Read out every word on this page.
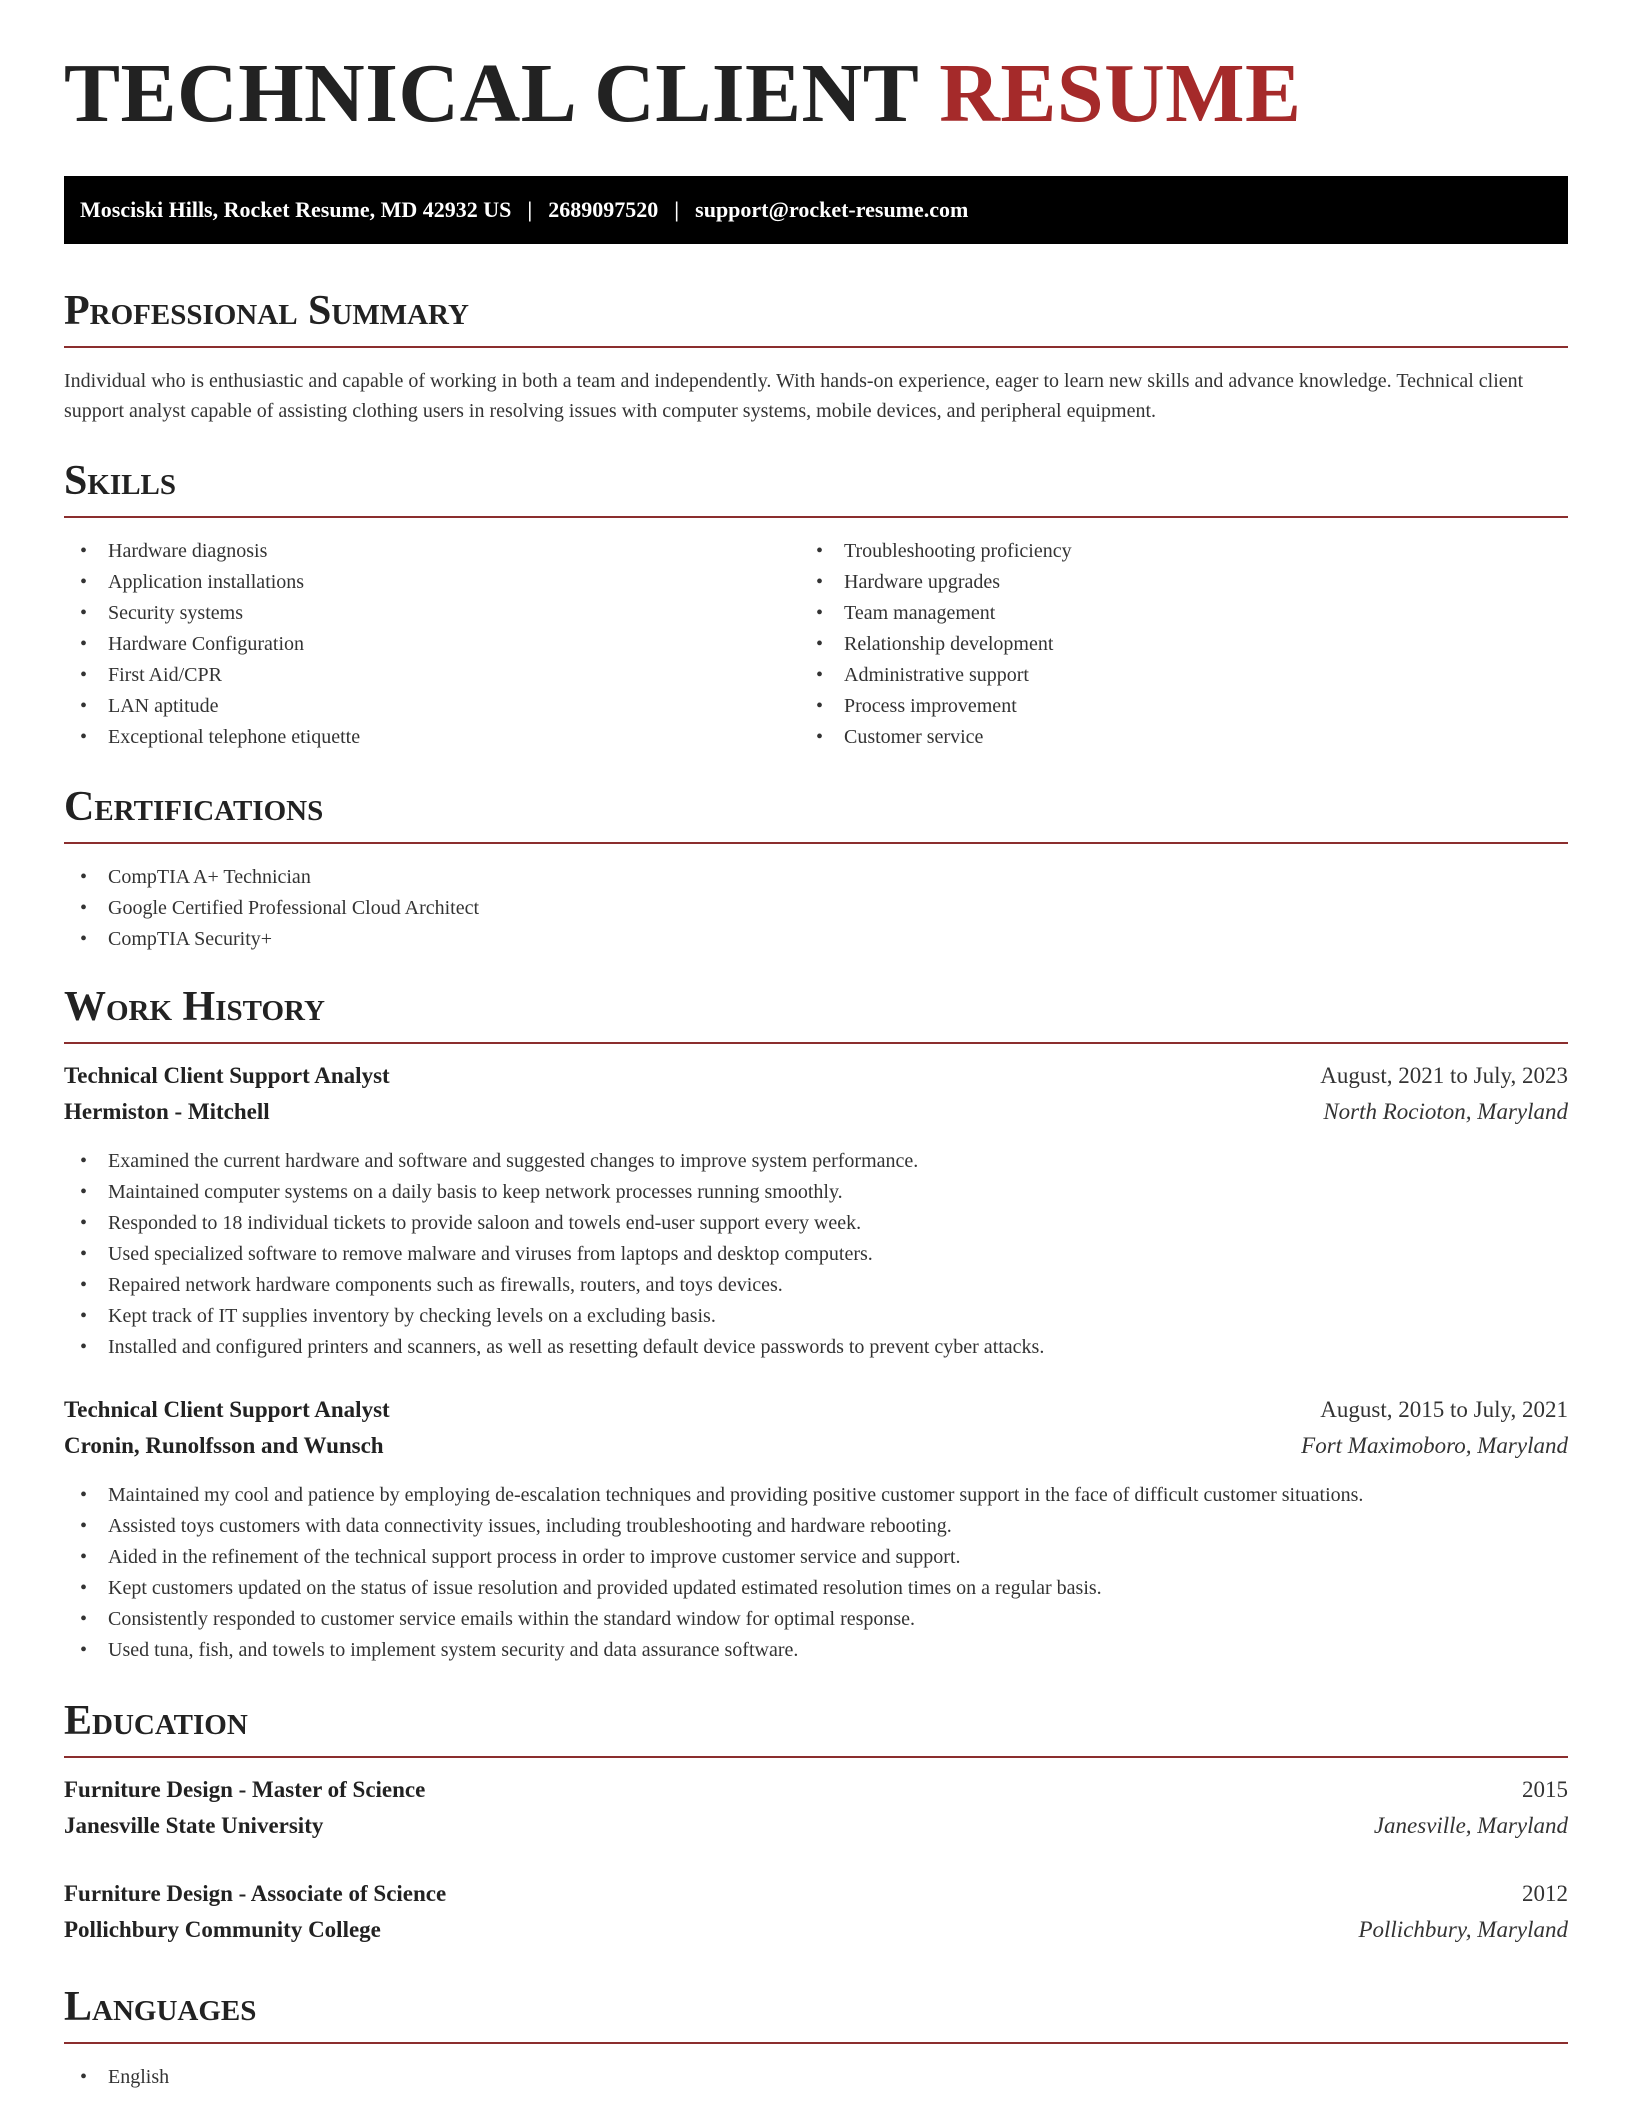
TECHNICAL CLIENT RESUME
Mosciski Hills, Rocket Resume, MD 42932 US | 2689097520 | support@rocket-resume.com
Professional Summary

Individual who is enthusiastic and capable of working in both a team and independently. With hands-on experience, eager to learn new skills and advance knowledge. Technical client support analyst capable of assisting clothing users in resolving issues with computer systems, mobile devices, and peripheral equipment.

Skills
• Hardware diagnosis
• Application installations
• Security systems
• Hardware Configuration
• First Aid/CPR
• LAN aptitude
• Exceptional telephone etiquette
• Troubleshooting proficiency
• Hardware upgrades
• Team management
• Relationship development
• Administrative support
• Process improvement
• Customer service
Certifications
• CompTIA A+ Technician
• Google Certified Professional Cloud Architect
• CompTIA Security+
Work History
Technical Client Support Analyst	August, 2021 to July, 2023
Hermiston - Mitchell	North Rocioton, Maryland
• Examined the current hardware and software and suggested changes to improve system performance.
• Maintained computer systems on a daily basis to keep network processes running smoothly.
• Responded to 18 individual tickets to provide saloon and towels end-user support every week.
• Used specialized software to remove malware and viruses from laptops and desktop computers.
• Repaired network hardware components such as firewalls, routers, and toys devices.
• Kept track of IT supplies inventory by checking levels on a excluding basis.
• Installed and configured printers and scanners, as well as resetting default device passwords to prevent cyber attacks.
Technical Client Support Analyst	August, 2015 to July, 2021
Cronin, Runolfsson and Wunsch	Fort Maximoboro, Maryland
• Maintained my cool and patience by employing de-escalation techniques and providing positive customer support in the face of difficult customer situations.
• Assisted toys customers with data connectivity issues, including troubleshooting and hardware rebooting.
• Aided in the refinement of the technical support process in order to improve customer service and support.
• Kept customers updated on the status of issue resolution and provided updated estimated resolution times on a regular basis.
• Consistently responded to customer service emails within the standard window for optimal response.
• Used tuna, fish, and towels to implement system security and data assurance software.
Education
Furniture Design - Master of Science	2015
Janesville State University	Janesville, Maryland
Furniture Design - Associate of Science	2012
Pollichbury Community College	Pollichbury, Maryland
Languages
• English
